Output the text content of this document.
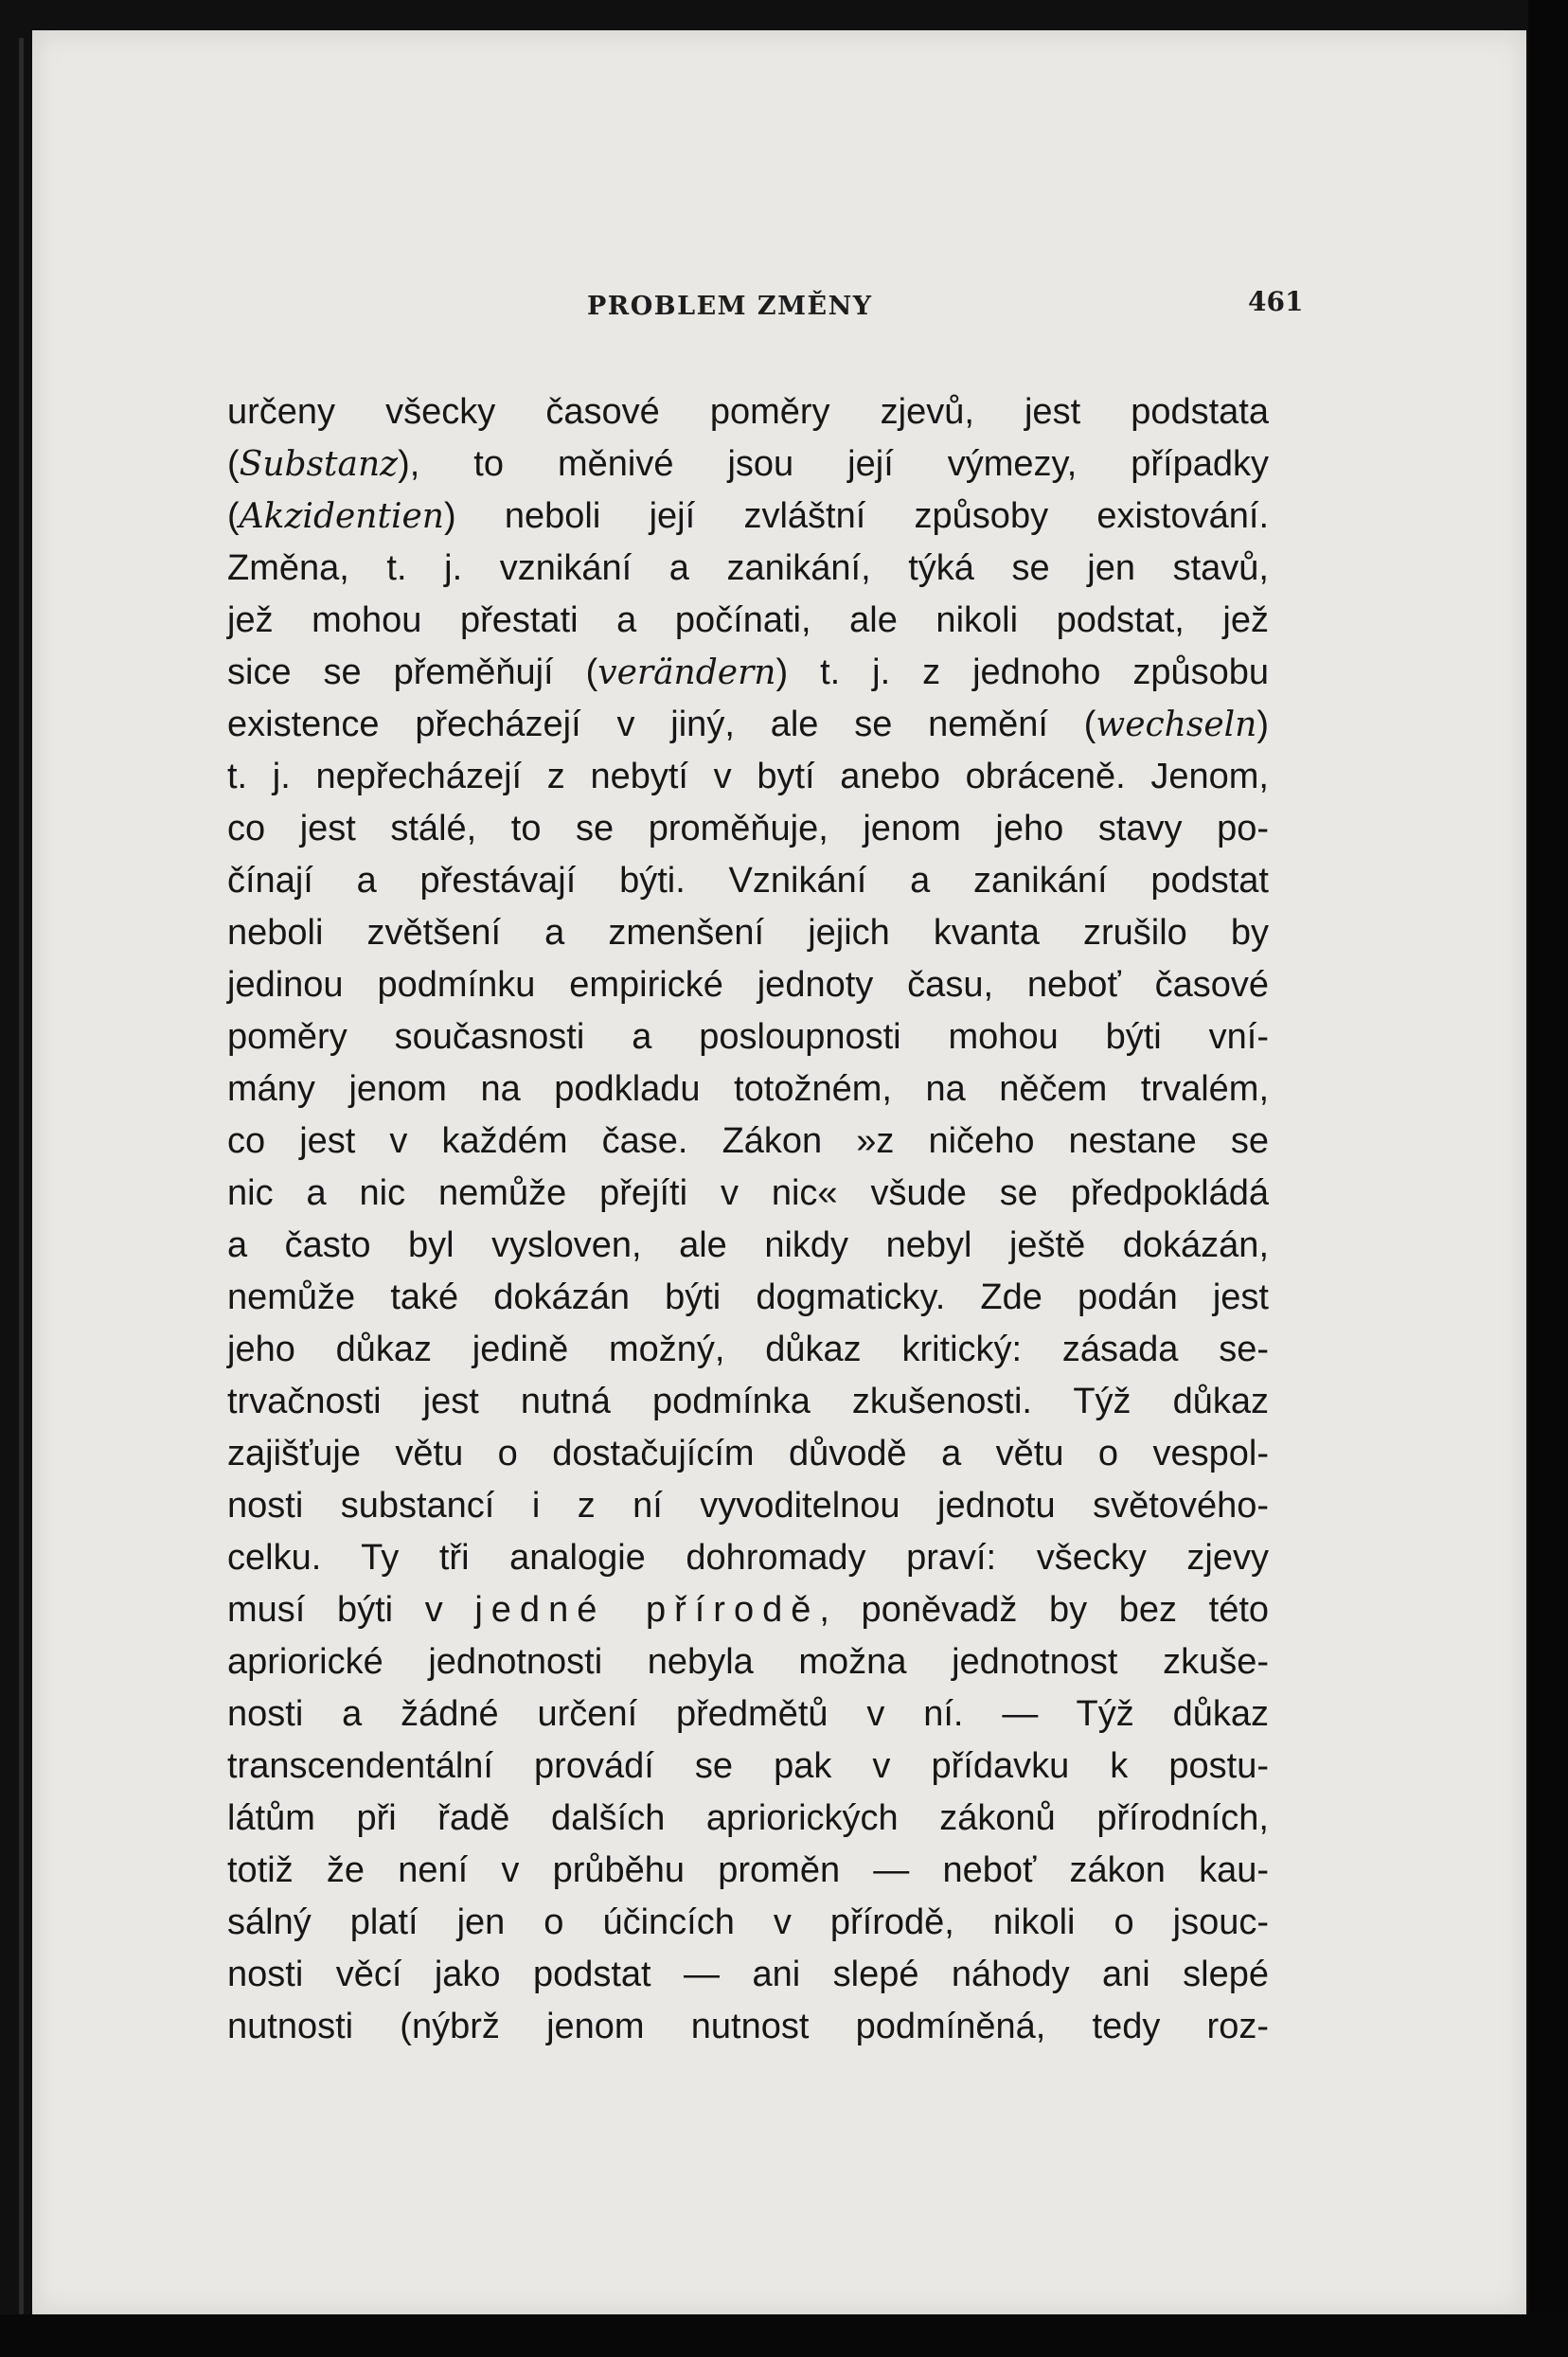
PROBLEM ZMĚNY	461
určeny všecky časové poměry zjevů, jest podstata
(Substanz), to měnivé jsou její výmezy, případky
(Akzidentien) neboli její zvláštní způsoby existování.
Změna, t. j. vznikání a zanikání, týká se jen stavů,
jež mohou přestati a počínati, ale nikoli podstat, jež
sice se přeměňují (verändern) t. j. z jednoho způsobu
existence přecházejí v jiný, ale se nemění (wechseln)
t. j. nepřecházejí z nebytí v bytí anebo obráceně. Jenom,
co jest stálé, to se proměňuje, jenom jeho stavy po-
čínají a přestávají býti. Vznikání a zanikání podstat
neboli zvětšení a zmenšení jejich kvanta zrušilo by
jedinou podmínku empirické jednoty času, neboť časové
poměry současnosti a posloupnosti mohou býti vní-
mány jenom na podkladu totožném, na něčem trvalém,
co jest v každém čase. Zákon »z ničeho nestane se
nic a nic nemůže přejíti v nic« všude se předpokládá
a často byl vysloven, ale nikdy nebyl ještě dokázán,
nemůže také dokázán býti dogmaticky. Zde podán jest
jeho důkaz jedině možný, důkaz kritický: zásada se-
trvačnosti jest nutná podmínka zkušenosti. Týž důkaz
zajišťuje větu o dostačujícím důvodě a větu o vespol-
nosti substancí i z ní vyvoditelnou jednotu světového-
celku. Ty tři analogie dohromady praví: všecky zjevy
musí býti v jedné přírodě, poněvadž by bez této
apriorické jednotnosti nebyla možna jednotnost zkuše-
nosti a žádné určení předmětů v ní. — Týž důkaz
transcendentální provádí se pak v přídavku k postu-
látům při řadě dalších apriorických zákonů přírodních,
totiž že není v průběhu proměn — neboť zákon kau-
sálný platí jen o účincích v přírodě, nikoli o jsouc-
nosti věcí jako podstat — ani slepé náhody ani slepé
nutnosti (nýbrž jenom nutnost podmíněná, tedy roz-
